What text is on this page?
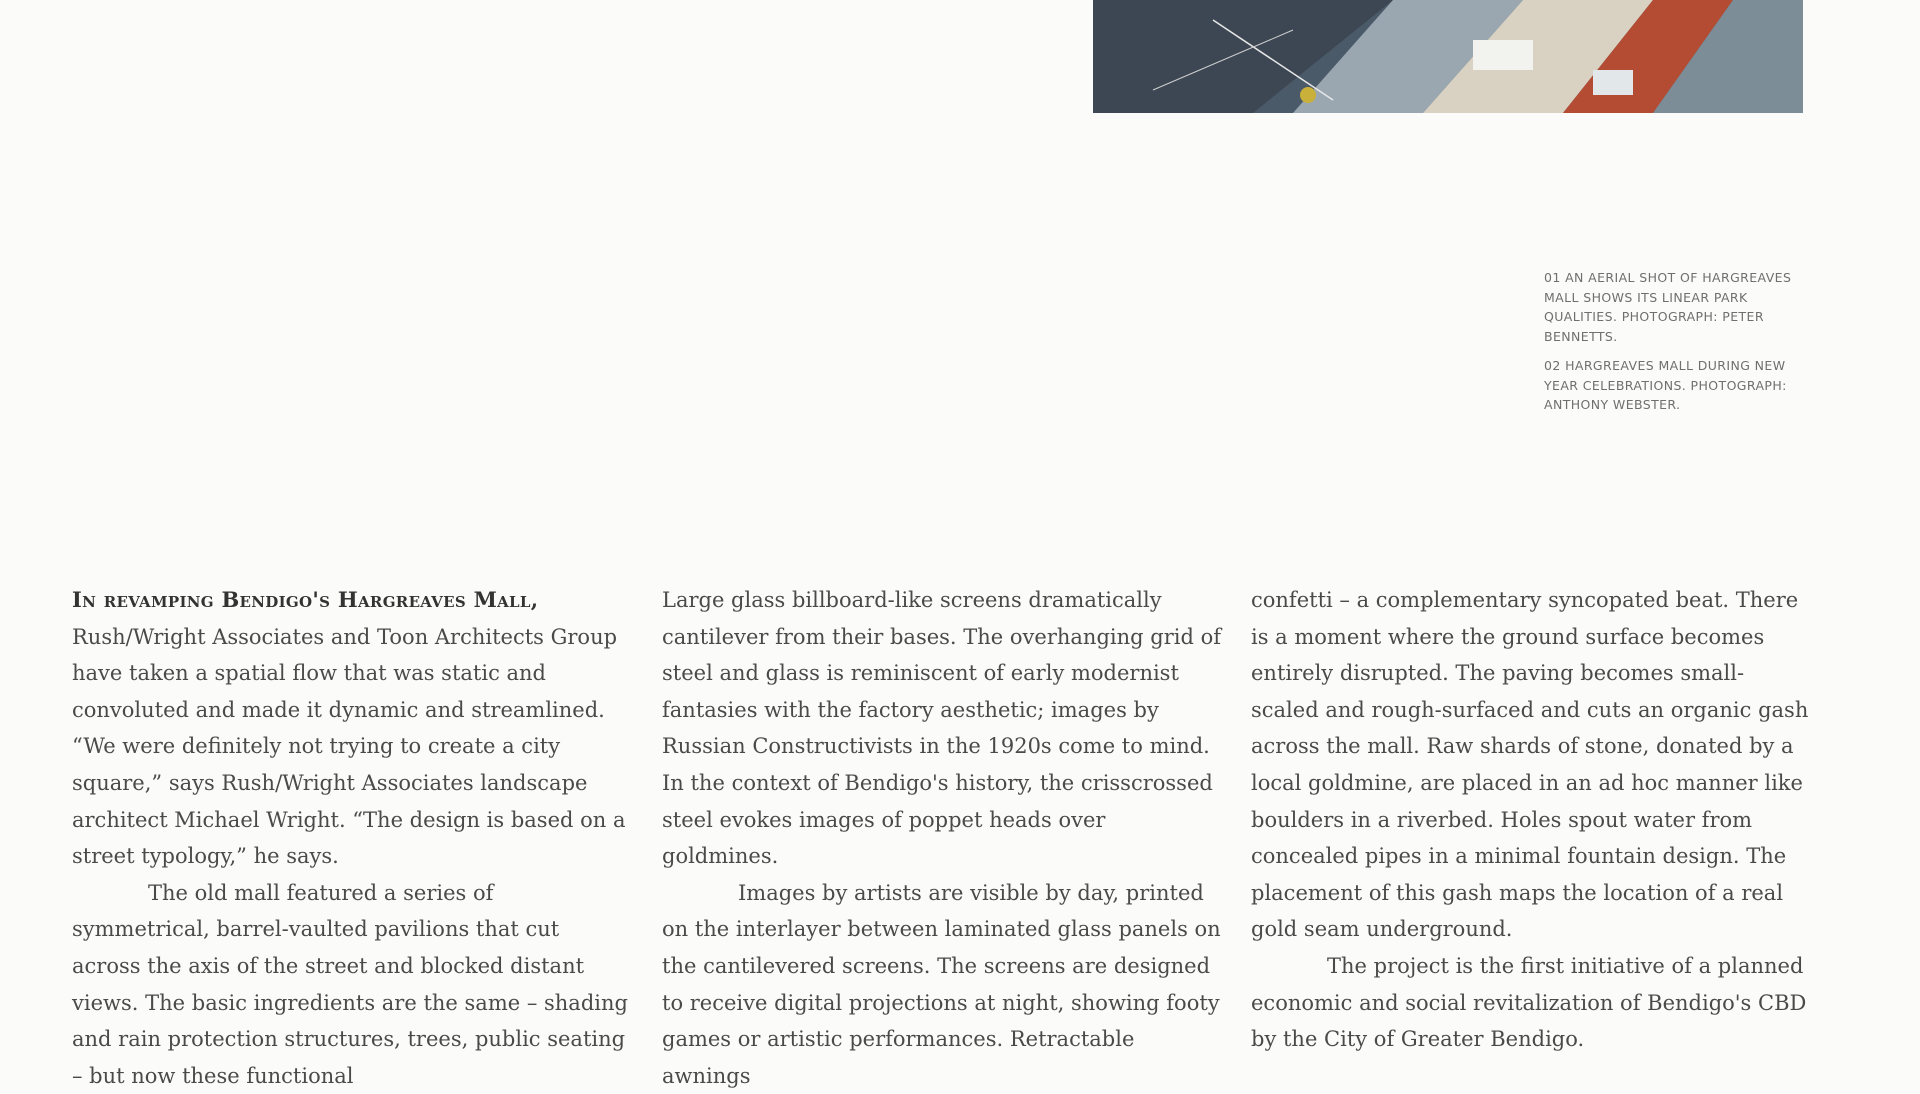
01 AN AERIAL SHOT OF HARGREAVES MALL SHOWS ITS LINEAR PARK QUALITIES. PHOTOGRAPH: PETER BENNETTS.

02 HARGREAVES MALL DURING NEW YEAR CELEBRATIONS. PHOTOGRAPH: ANTHONY WEBSTER.

In revamping Bendigo's Hargreaves Mall, Rush/Wright Associates and Toon Architects Group have taken a spatial flow that was static and convoluted and made it dynamic and streamlined. “We were definitely not trying to create a city square,” says Rush/Wright Associates landscape architect Michael Wright. “The design is based on a street typology,” he says.

The old mall featured a series of symmetrical, barrel-vaulted pavilions that cut across the axis of the street and blocked distant views. The basic ingredients are the same – shading and rain protection structures, trees, public seating – but now these functional

Large glass billboard-like screens dramatically cantilever from their bases. The overhanging grid of steel and glass is reminiscent of early modernist fantasies with the factory aesthetic; images by Russian Constructivists in the 1920s come to mind. In the context of Bendigo's history, the crisscrossed steel evokes images of poppet heads over goldmines.

Images by artists are visible by day, printed on the interlayer between laminated glass panels on the cantilevered screens. The screens are designed to receive digital projections at night, showing footy games or artistic performances. Retractable awnings

confetti – a complementary syncopated beat. There is a moment where the ground surface becomes entirely disrupted. The paving becomes small-scaled and rough-surfaced and cuts an organic gash across the mall. Raw shards of stone, donated by a local goldmine, are placed in an ad hoc manner like boulders in a riverbed. Holes spout water from concealed pipes in a minimal fountain design. The placement of this gash maps the location of a real gold seam underground.

The project is the first initiative of a planned economic and social revitalization of Bendigo's CBD by the City of Greater Bendigo.
